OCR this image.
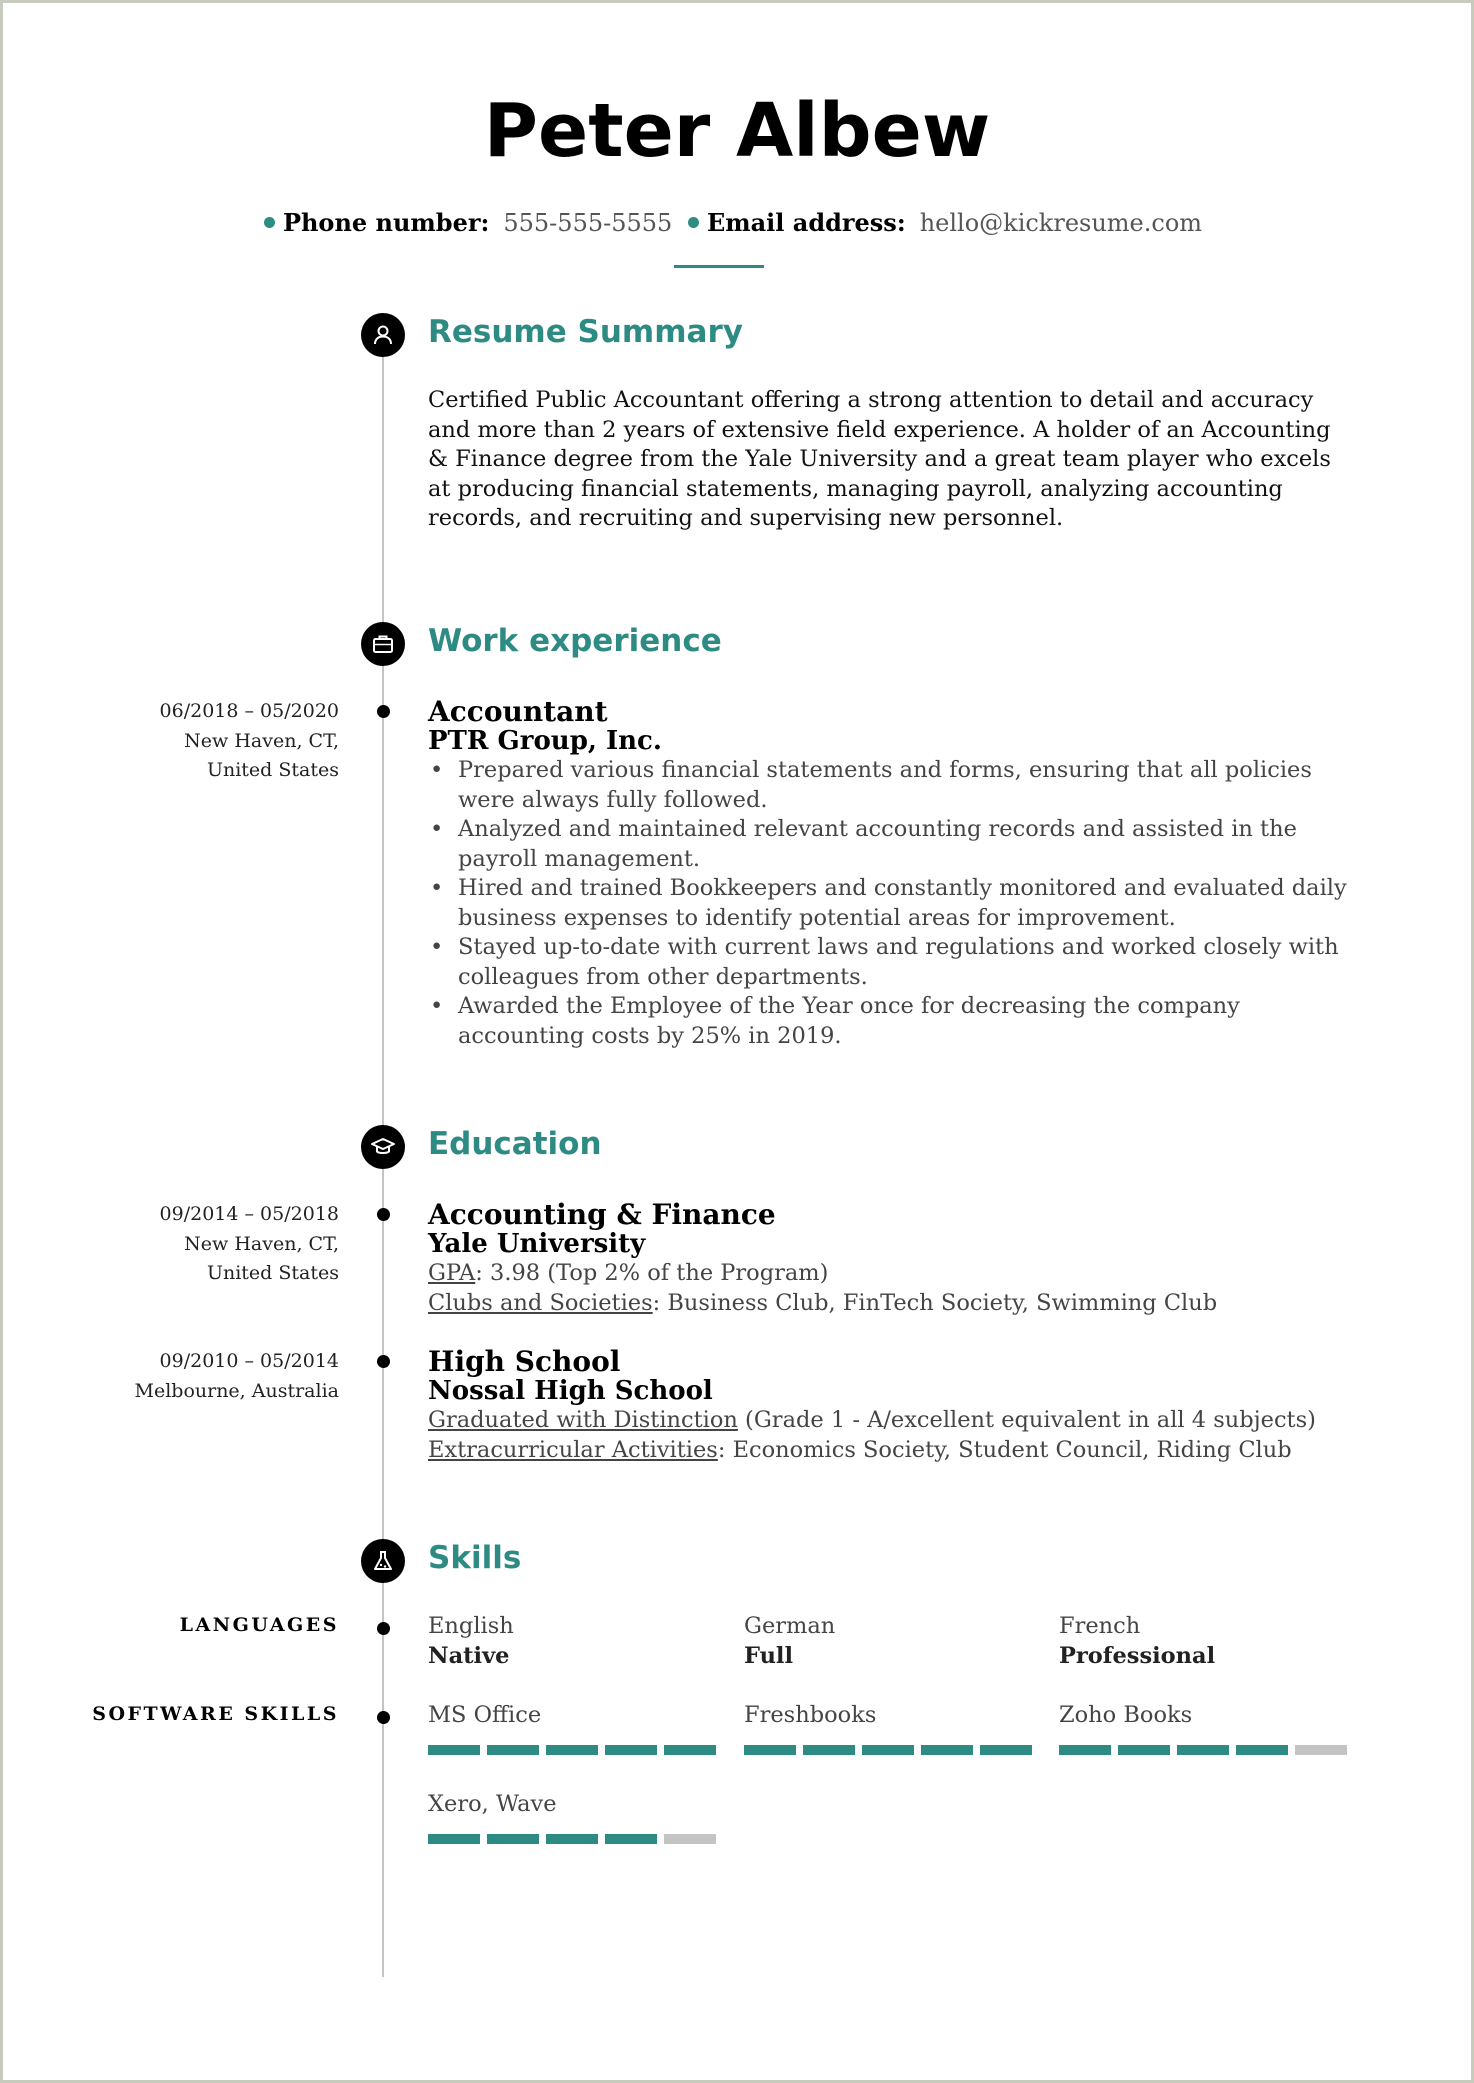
Peter Albew
Phone number: 555-555-5555 Email address: hello@kickresume.com
Resume Summary

Certified Public Accountant offering a strong attention to detail and accuracy and more than 2 years of extensive field experience. A holder of an Accounting & Finance degree from the Yale University and a great team player who excels at producing financial statements, managing payroll, analyzing accounting records, and recruiting and supervising new personnel.

Work experience
06/2018 – 05/2020
New Haven, CT,
United States
Accountant
PTR Group, Inc.
• Prepared various financial statements and forms, ensuring that all policies were always fully followed.
• Analyzed and maintained relevant accounting records and assisted in the payroll management.
• Hired and trained Bookkeepers and constantly monitored and evaluated daily business expenses to identify potential areas for improvement.
• Stayed up-to-date with current laws and regulations and worked closely with colleagues from other departments.
• Awarded the Employee of the Year once for decreasing the company accounting costs by 25% in 2019.
Education
09/2014 – 05/2018
New Haven, CT,
United States
Accounting & Finance
Yale University
GPA: 3.98 (Top 2% of the Program)
Clubs and Societies: Business Club, FinTech Society, Swimming Club
09/2010 – 05/2014
Melbourne, Australia
High School
Nossal High School
Graduated with Distinction (Grade 1 - A/excellent equivalent in all 4 subjects)
Extracurricular Activities: Economics Society, Student Council, Riding Club
Skills
LANGUAGES	English
Native
German
Full
French
Professional
SOFTWARE SKILLS	MS Office	Freshbooks	Zoho Books
Xero, Wave
